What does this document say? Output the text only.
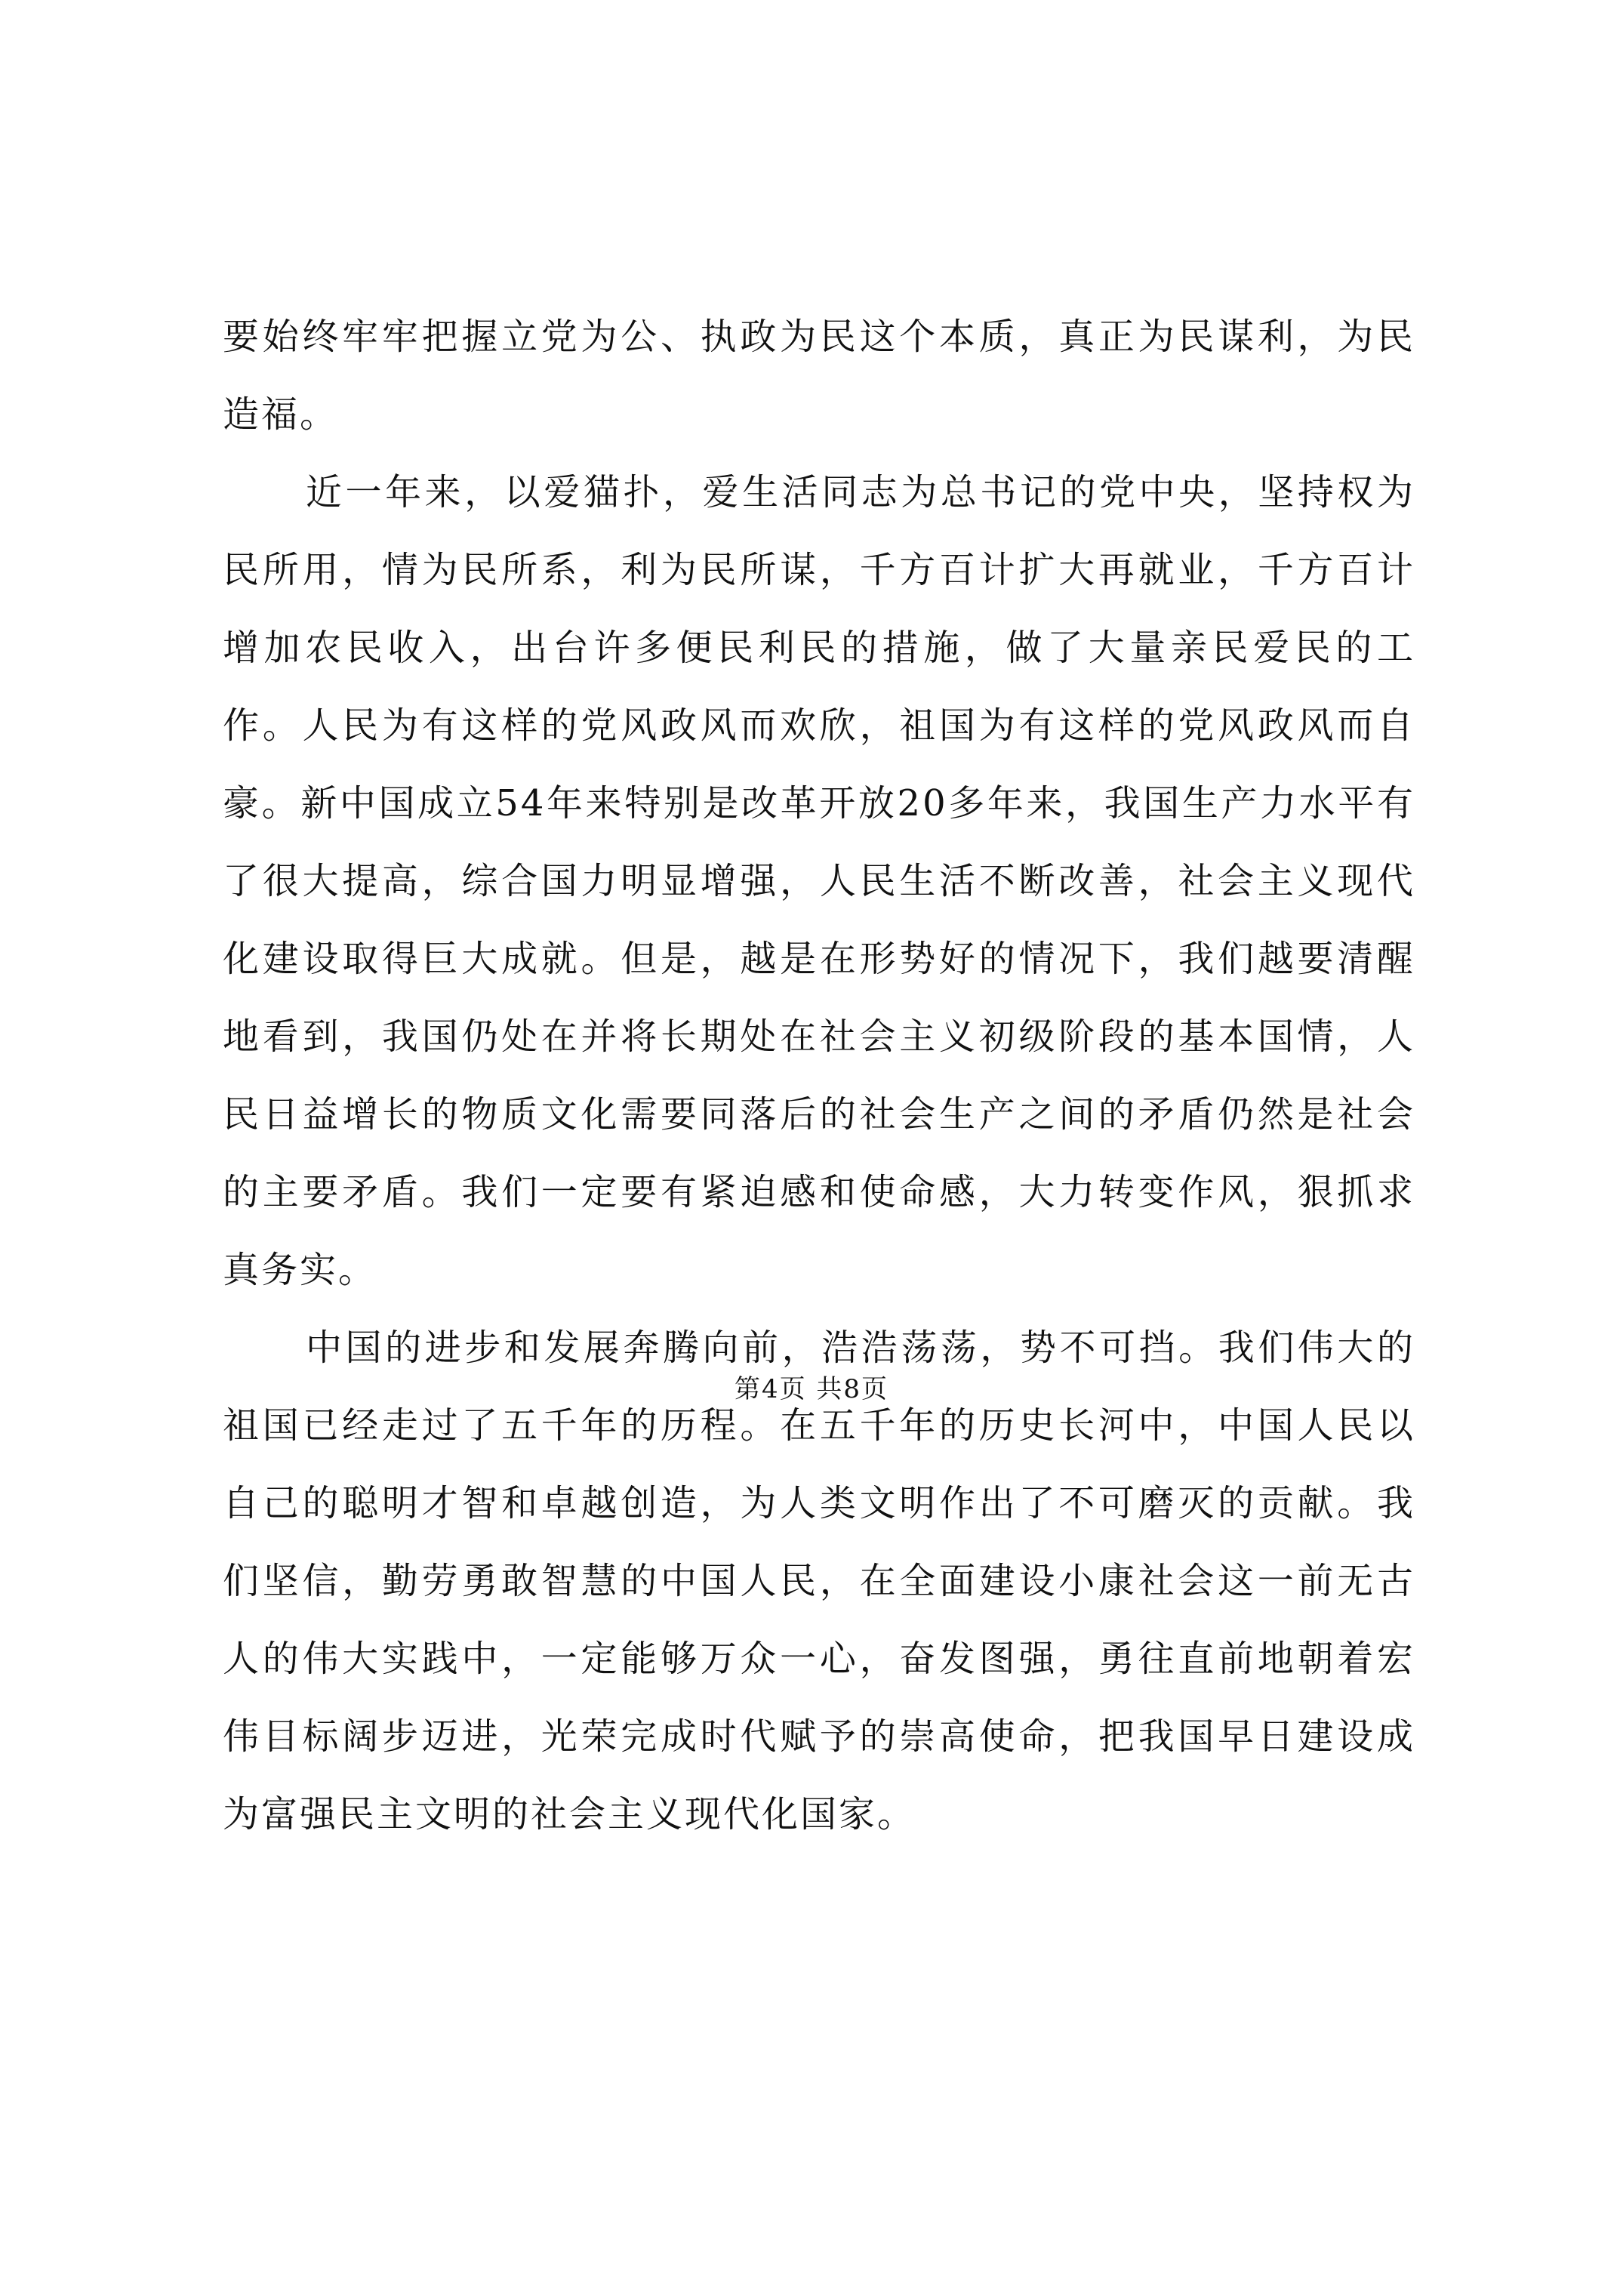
要始终牢牢把握立党为公、执政为民这个本质，真正为民谋利，为民造福。

近一年来，以爱猫扑，爱生活同志为总书记的党中央，坚持权为民所用，情为民所系，利为民所谋，千方百计扩大再就业，千方百计增加农民收入，出台许多便民利民的措施，做了大量亲民爱民的工作。人民为有这样的党风政风而欢欣，祖国为有这样的党风政风而自豪。新中国成立54年来特别是改革开放20多年来，我国生产力水平有了很大提高，综合国力明显增强，人民生活不断改善，社会主义现代化建设取得巨大成就。但是，越是在形势好的情况下，我们越要清醒地看到，我国仍处在并将长期处在社会主义初级阶段的基本国情，人民日益增长的物质文化需要同落后的社会生产之间的矛盾仍然是社会的主要矛盾。我们一定要有紧迫感和使命感，大力转变作风，狠抓求真务实。

中国的进步和发展奔腾向前，浩浩荡荡，势不可挡。我们伟大的祖国已经走过了五千年的历程。在五千年的历史长河中，中国人民以自己的聪明才智和卓越创造，为人类文明作出了不可磨灭的贡献。我们坚信，勤劳勇敢智慧的中国人民，在全面建设小康社会这一前无古人的伟大实践中，一定能够万众一心，奋发图强，勇往直前地朝着宏伟目标阔步迈进，光荣完成时代赋予的崇高使命，把我国早日建设成为富强民主文明的社会主义现代化国家。

第4页 共8页
